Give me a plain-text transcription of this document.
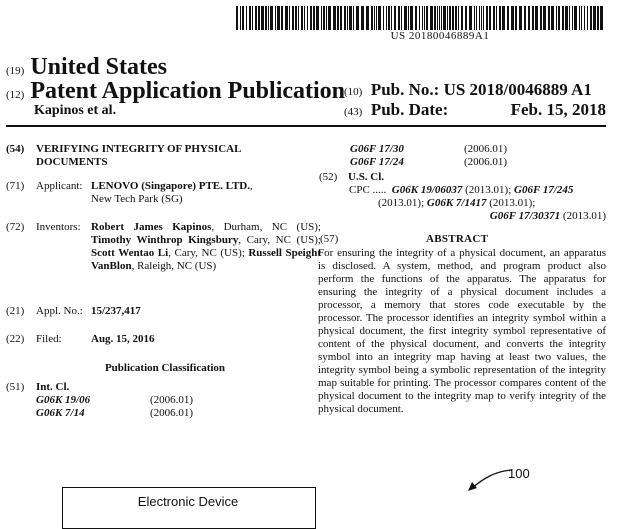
US 20180046889A1
(19) United States
(12) Patent Application Publication
Kapinos et al.
(10) Pub. No.: US 2018/0046889 A1
(43) Pub. Date:	Feb. 15, 2018
(54) VERIFYING INTEGRITY OF PHYSICAL DOCUMENTS
(71) Applicant: LENOVO (Singapore) PTE. LTD.,
New Tech Park (SG)
(72) Inventors: Robert James Kapinos, Durham, NC (US); Timothy Winthrop Kingsbury, Cary, NC (US); Scott Wentao Li, Cary, NC (US); Russell Speight VanBlon, Raleigh, NC (US)
(21) Appl. No.: 15/237,417
(22) Filed:	Aug. 15, 2016
Publication Classification
(51) Int. Cl.
G06K 19/06	(2006.01)
G06K 7/14	(2006.01)
G06F 17/30	(2006.01)
G06F 17/24	(2006.01)
(52) U.S. Cl.
CPC ..... G06K 19/06037 (2013.01); G06F 17/245
(2013.01); G06K 7/1417 (2013.01);
G06F 17/30371 (2013.01)
(57)	ABSTRACT
For ensuring the integrity of a physical document, an apparatus is disclosed. A system, method, and program product also perform the functions of the apparatus. The apparatus for ensuring the integrity of a physical document includes a processor, a memory that stores code executable by the processor. The processor identifies an integrity symbol within a physical document, the first integrity symbol representative of content of the physical document, and converts the integrity symbol into an integrity map having at least two values, the integrity symbol being a symbolic representation of the integrity map suitable for printing. The processor compares content of the physical document to the integrity map to verify integrity of the physical document.
100
Electronic Device
